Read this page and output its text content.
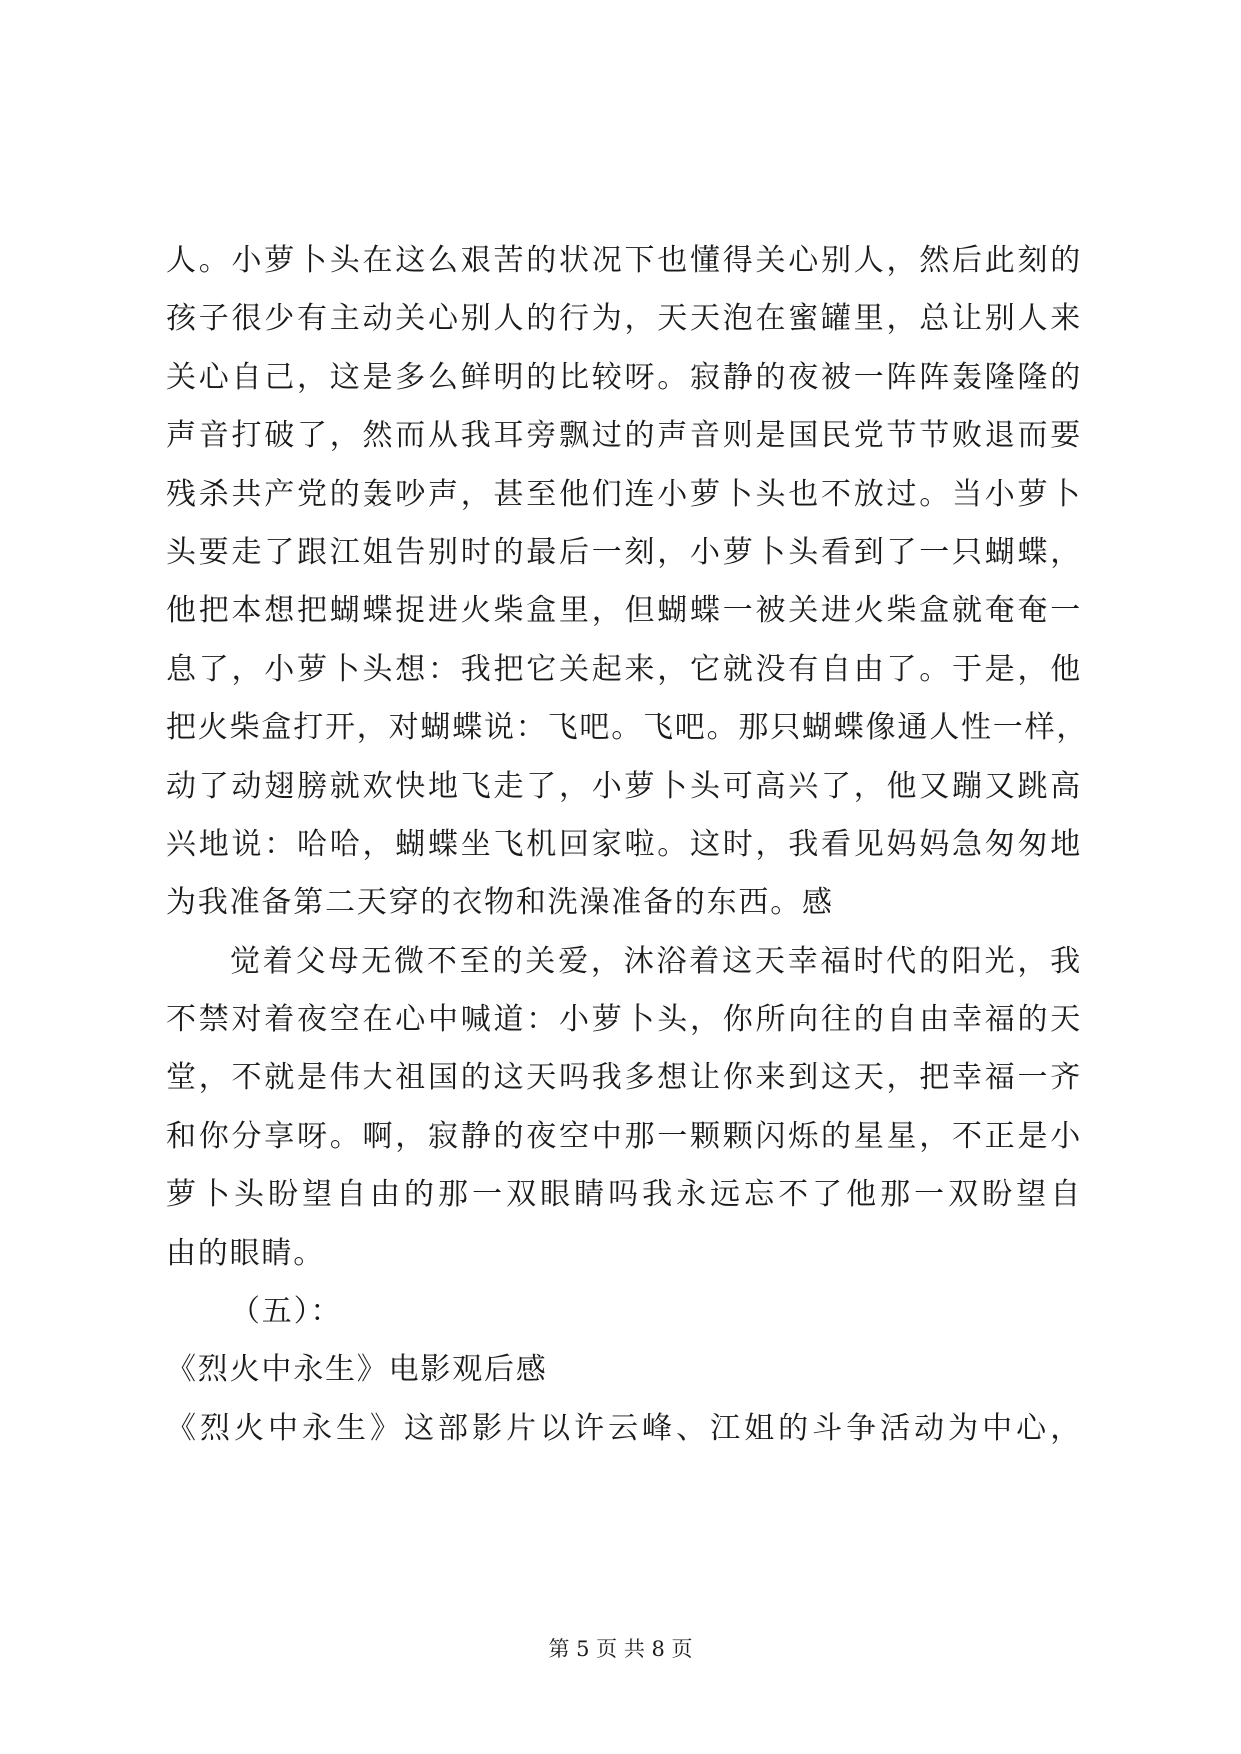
人。小萝卜头在这么艰苦的状况下也懂得关心别人，然后此刻的
孩子很少有主动关心别人的行为，天天泡在蜜罐里，总让别人来
关心自己，这是多么鲜明的比较呀。寂静的夜被一阵阵轰隆隆的
声音打破了，然而从我耳旁飘过的声音则是国民党节节败退而要
残杀共产党的轰吵声，甚至他们连小萝卜头也不放过。当小萝卜
头要走了跟江姐告别时的最后一刻，小萝卜头看到了一只蝴蝶，
他把本想把蝴蝶捉进火柴盒里，但蝴蝶一被关进火柴盒就奄奄一
息了，小萝卜头想：我把它关起来，它就没有自由了。于是，他
把火柴盒打开，对蝴蝶说：飞吧。飞吧。那只蝴蝶像通人性一样，
动了动翅膀就欢快地飞走了，小萝卜头可高兴了，他又蹦又跳高
兴地说：哈哈，蝴蝶坐飞机回家啦。这时，我看见妈妈急匆匆地
为我准备第二天穿的衣物和洗澡准备的东西。感
觉着父母无微不至的关爱，沐浴着这天幸福时代的阳光，我
不禁对着夜空在心中喊道：小萝卜头，你所向往的自由幸福的天
堂，不就是伟大祖国的这天吗我多想让你来到这天，把幸福一齐
和你分享呀。啊，寂静的夜空中那一颗颗闪烁的星星，不正是小
萝卜头盼望自由的那一双眼睛吗我永远忘不了他那一双盼望自
由的眼睛。
（五）：
《烈火中永生》电影观后感
《烈火中永生》这部影片以许云峰、江姐的斗争活动为中心，
第 5 页 共 8 页
